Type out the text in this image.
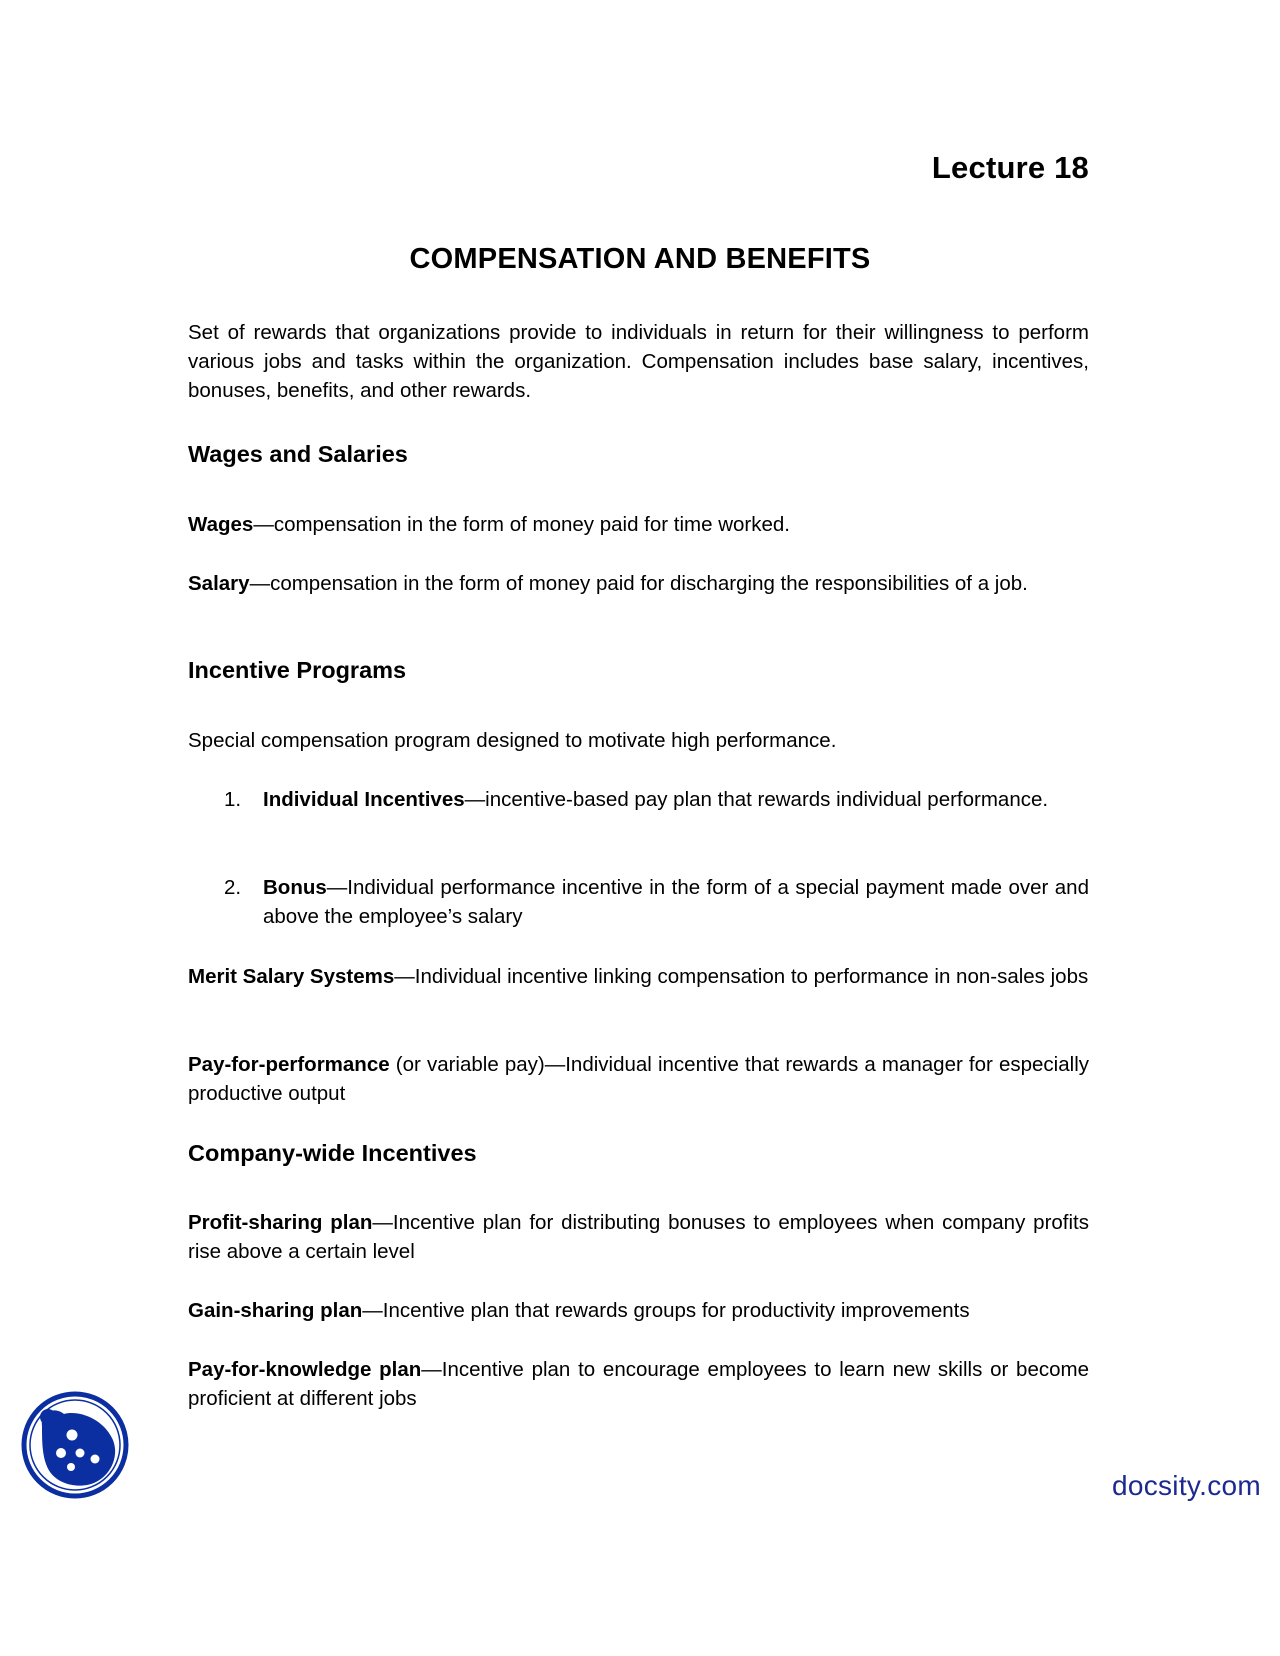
Lecture 18
COMPENSATION AND BENEFITS

Set of rewards that organizations provide to individuals in return for their willingness to perform various jobs and tasks within the organization. Compensation includes base salary, incentives, bonuses, benefits, and other rewards.

Wages and Salaries

Wages—compensation in the form of money paid for time worked.

Salary—compensation in the form of money paid for discharging the responsibilities of a job.

Incentive Programs

Special compensation program designed to motivate high performance.

1. Individual Incentives—incentive-based pay plan that rewards individual performance.

2. Bonus—Individual performance incentive in the form of a special payment made over and above the employee’s salary

Merit Salary Systems—Individual incentive linking compensation to performance in non-sales jobs

Pay-for-performance (or variable pay)—Individual incentive that rewards a manager for especially productive output

Company-wide Incentives

Profit-sharing plan—Incentive plan for distributing bonuses to employees when company profits rise above a certain level

Gain-sharing plan—Incentive plan that rewards groups for productivity improvements

Pay-for-knowledge plan—Incentive plan to encourage employees to learn new skills or become proficient at different jobs

docsity.com
